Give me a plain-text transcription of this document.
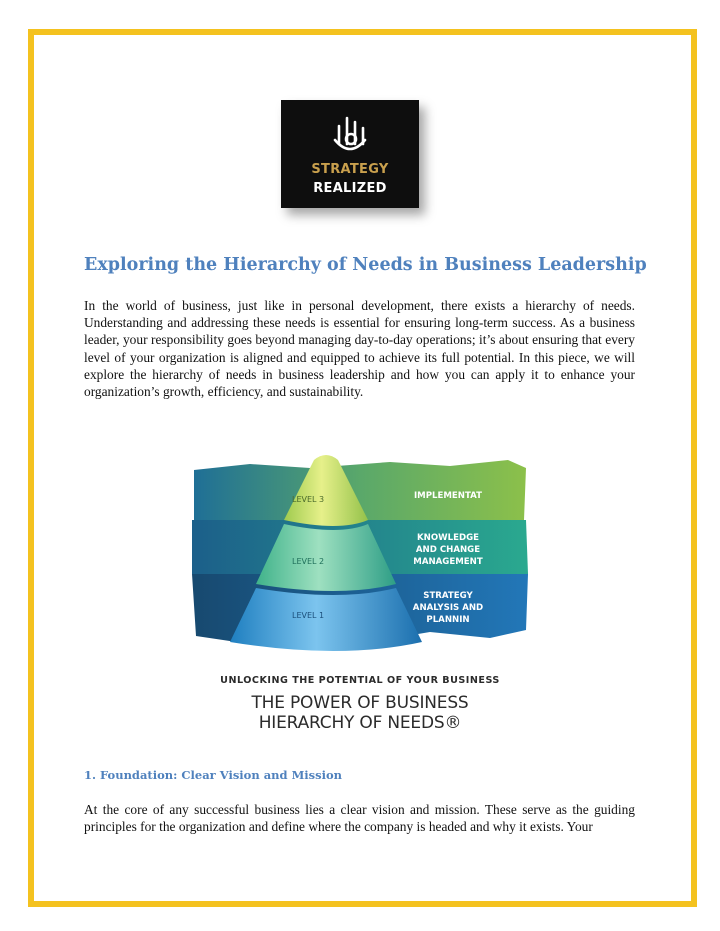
STRATEGY
REALIZED
Exploring the Hierarchy of Needs in Business Leadership

In the world of business, just like in personal development, there exists a hierarchy of needs. Understanding and addressing these needs is essential for ensuring long-term success. As a business leader, your responsibility goes beyond managing day-to-day operations; it’s about ensuring that every level of your organization is aligned and equipped to achieve its full potential. In this piece, we will explore the hierarchy of needs in business leadership and how you can apply it to enhance your organization’s growth, efficiency, and sustainability.

LEVEL 3
LEVEL 2
LEVEL 1
IMPLEMENTAT
KNOWLEDGE
AND CHANGE
MANAGEMENT
STRATEGY
ANALYSIS AND
PLANNIN
UNLOCKING THE POTENTIAL OF YOUR BUSINESS
THE POWER OF BUSINESS
HIERARCHY OF NEEDS®
1. Foundation: Clear Vision and Mission

At the core of any successful business lies a clear vision and mission. These serve as the guiding principles for the organization and define where the company is headed and why it exists. Your
